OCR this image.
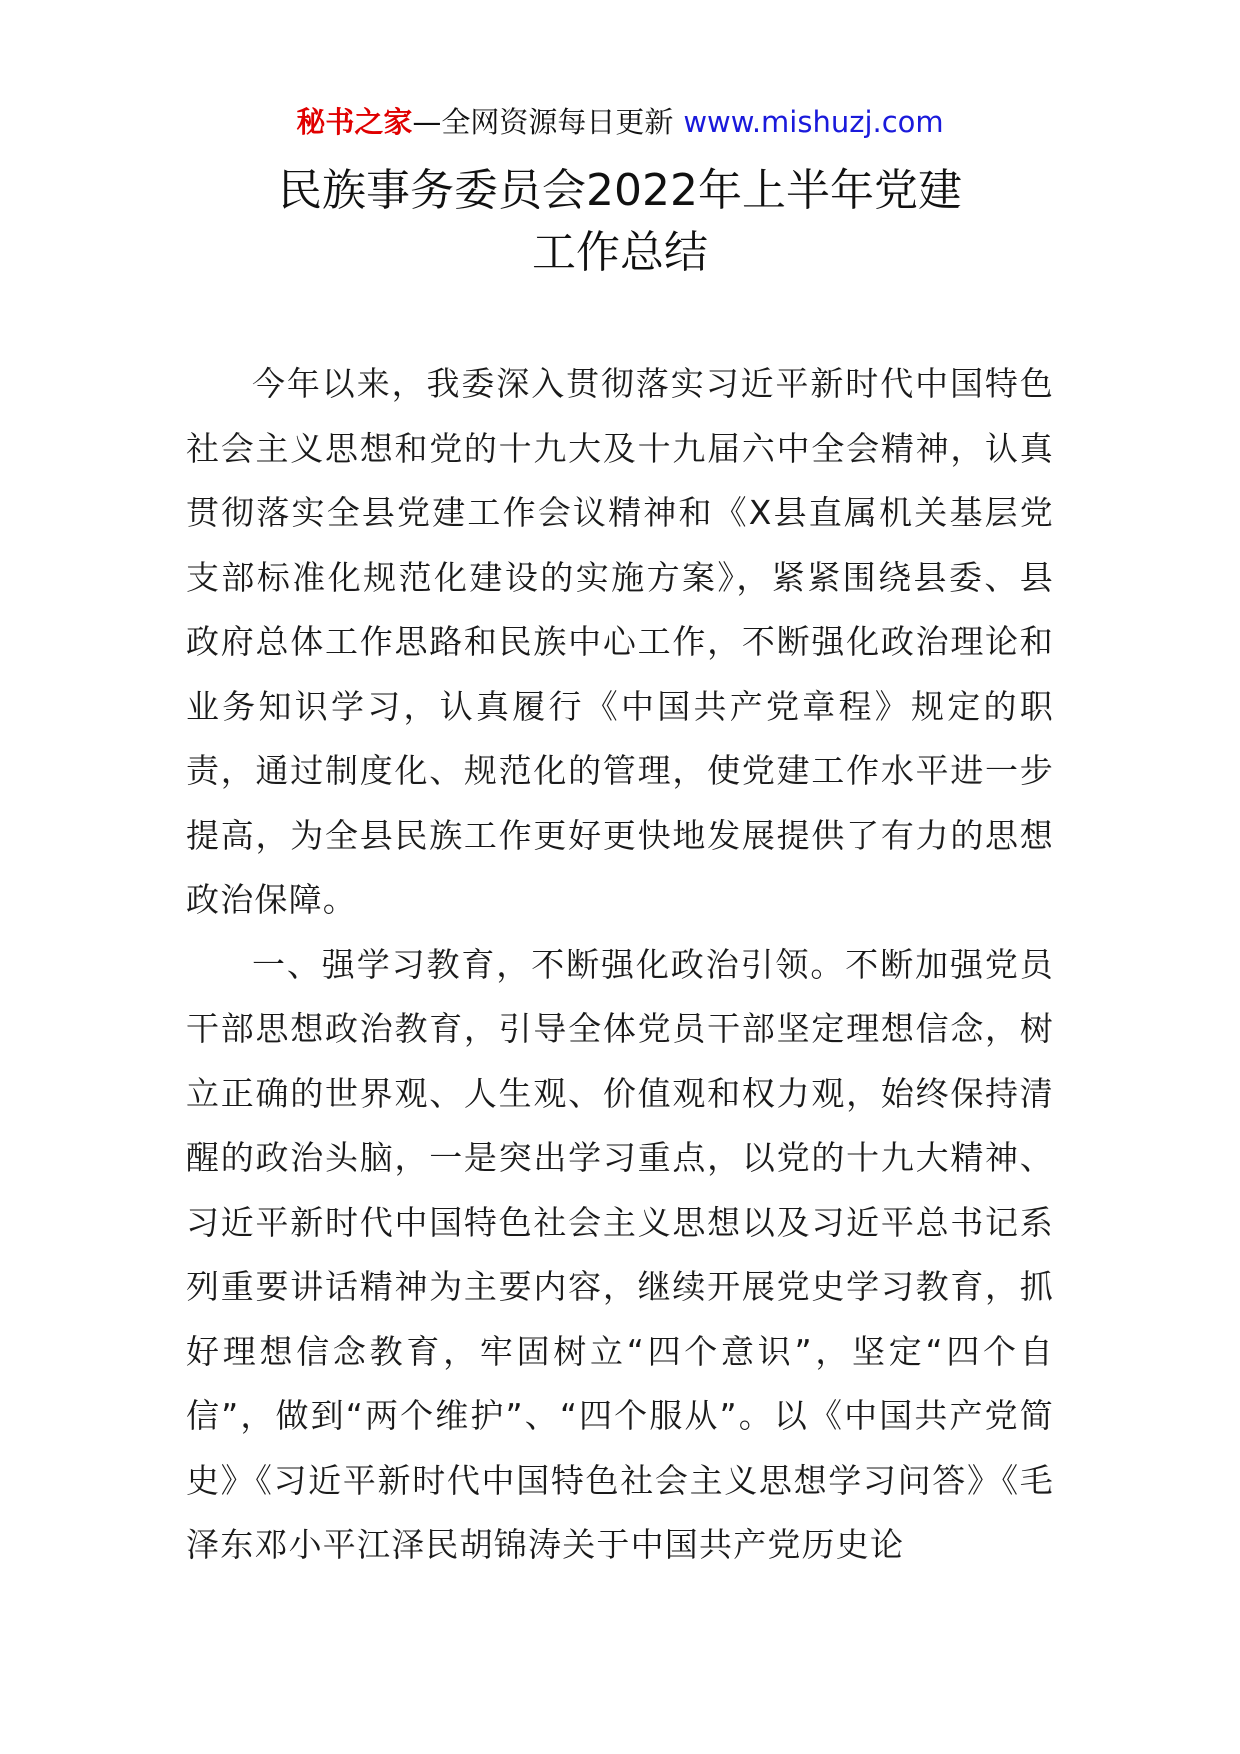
秘书之家—全网资源每日更新 www.mishuzj.com
民族事务委员会2022年上半年党建
工作总结

今年以来，我委深入贯彻落实习近平新时代中国特色社会主义思想和党的十九大及十九届六中全会精神，认真贯彻落实全县党建工作会议精神和《X县直属机关基层党支部标准化规范化建设的实施方案》，紧紧围绕县委、县政府总体工作思路和民族中心工作，不断强化政治理论和业务知识学习，认真履行《中国共产党章程》规定的职责，通过制度化、规范化的管理，使党建工作水平进一步提高，为全县民族工作更好更快地发展提供了有力的思想政治保障。

一、强学习教育，不断强化政治引领。不断加强党员干部思想政治教育，引导全体党员干部坚定理想信念，树立正确的世界观、人生观、价值观和权力观，始终保持清醒的政治头脑，一是突出学习重点，以党的十九大精神、习近平新时代中国特色社会主义思想以及习近平总书记系列重要讲话精神为主要内容，继续开展党史学习教育，抓好理想信念教育，牢固树立“四个意识”，坚定“四个自信”，做到“两个维护”、“四个服从”。以《中国共产党简史》《习近平新时代中国特色社会主义思想学习问答》《毛泽东邓小平江泽民胡锦涛关于中国共产党历史论
